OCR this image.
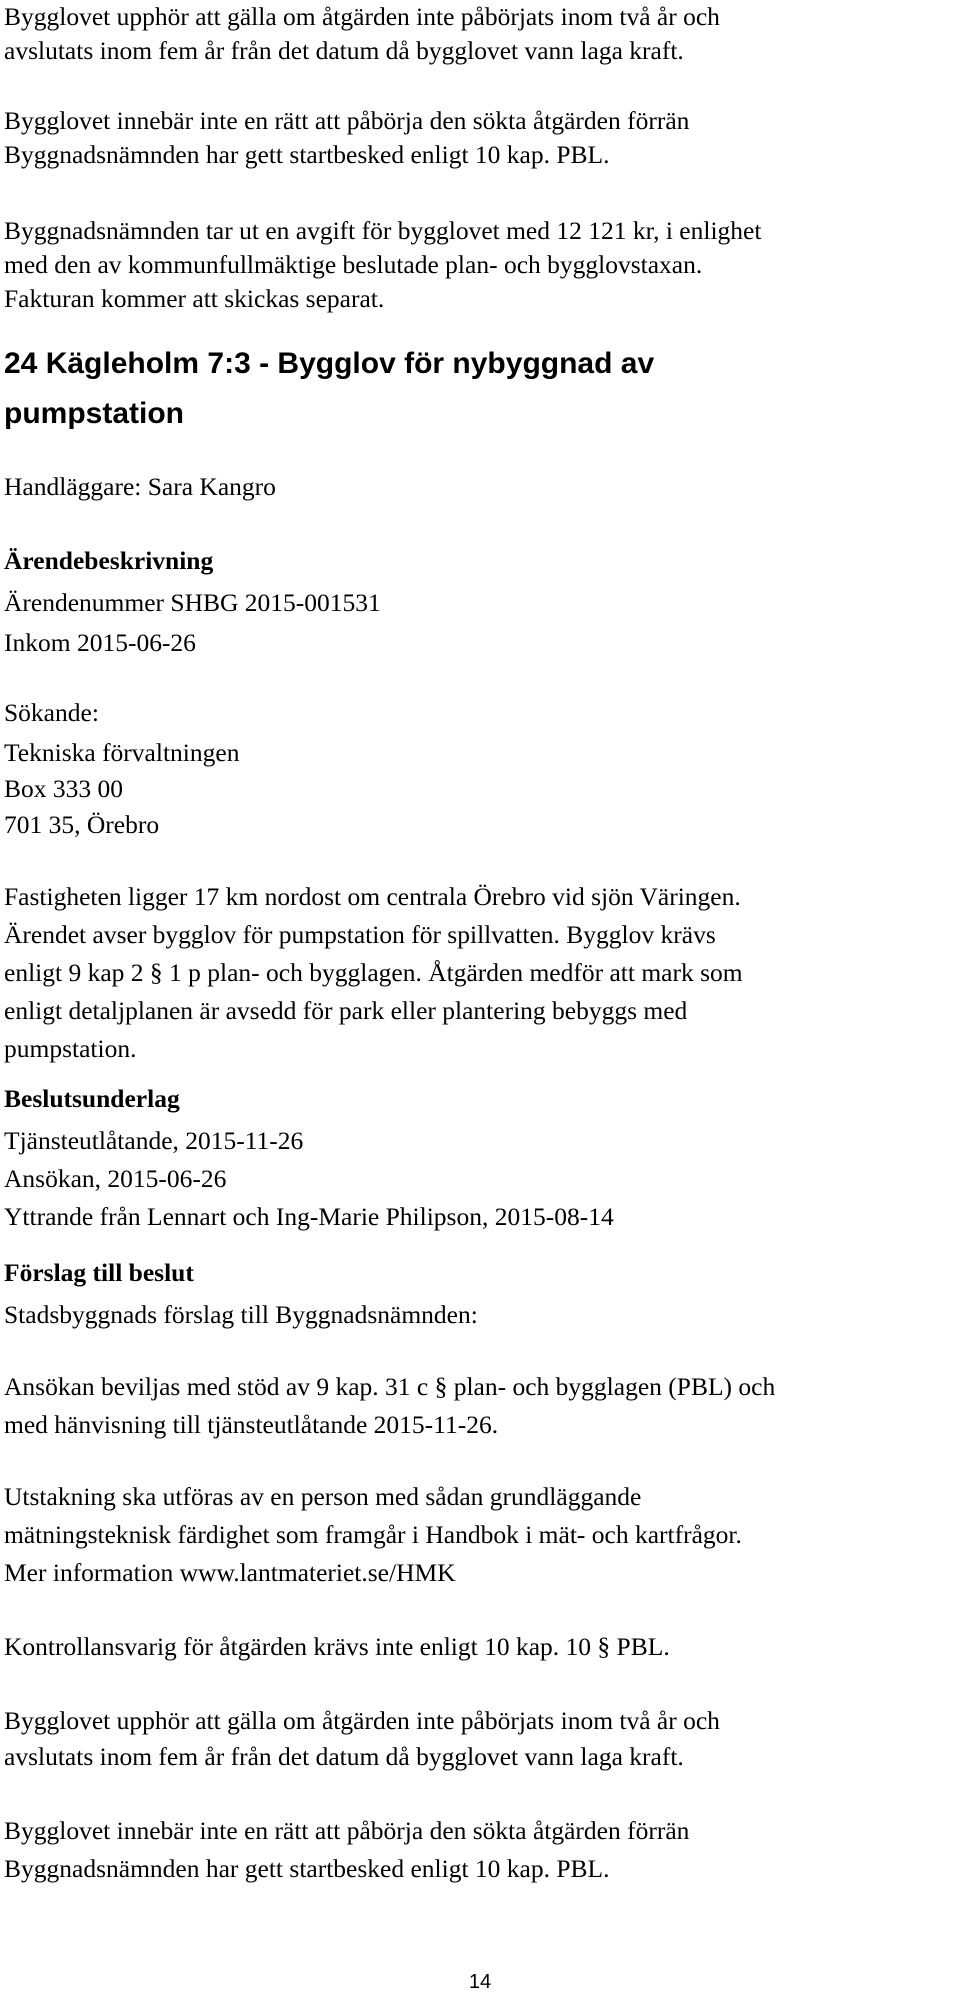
Bygglovet upphör att gälla om åtgärden inte påbörjats inom två år och

avslutats inom fem år från det datum då bygglovet vann laga kraft.

Bygglovet innebär inte en rätt att påbörja den sökta åtgärden förrän

Byggnadsnämnden har gett startbesked enligt 10 kap. PBL.

Byggnadsnämnden tar ut en avgift för bygglovet med 12 121 kr, i enlighet

med den av kommunfullmäktige beslutade plan- och bygglovstaxan.

Fakturan kommer att skickas separat.

24 Kägleholm 7:3 - Bygglov för nybyggnad av
pumpstation

Handläggare: Sara Kangro

Ärendebeskrivning

Ärendenummer SHBG 2015-001531

Inkom 2015-06-26

Sökande:

Tekniska förvaltningen

Box 333 00

701 35, Örebro

Fastigheten ligger 17 km nordost om centrala Örebro vid sjön Väringen.

Ärendet avser bygglov för pumpstation för spillvatten. Bygglov krävs

enligt 9 kap 2 § 1 p plan- och bygglagen. Åtgärden medför att mark som

enligt detaljplanen är avsedd för park eller plantering bebyggs med

pumpstation.

Beslutsunderlag

Tjänsteutlåtande, 2015-11-26

Ansökan, 2015-06-26

Yttrande från Lennart och Ing-Marie Philipson, 2015-08-14

Förslag till beslut

Stadsbyggnads förslag till Byggnadsnämnden:

Ansökan beviljas med stöd av 9 kap. 31 c § plan- och bygglagen (PBL) och

med hänvisning till tjänsteutlåtande 2015-11-26.

Utstakning ska utföras av en person med sådan grundläggande

mätningsteknisk färdighet som framgår i Handbok i mät- och kartfrågor.

Mer information www.lantmateriet.se/HMK

Kontrollansvarig för åtgärden krävs inte enligt 10 kap. 10 § PBL.

Bygglovet upphör att gälla om åtgärden inte påbörjats inom två år och

avslutats inom fem år från det datum då bygglovet vann laga kraft.

Bygglovet innebär inte en rätt att påbörja den sökta åtgärden förrän

Byggnadsnämnden har gett startbesked enligt 10 kap. PBL.

14
